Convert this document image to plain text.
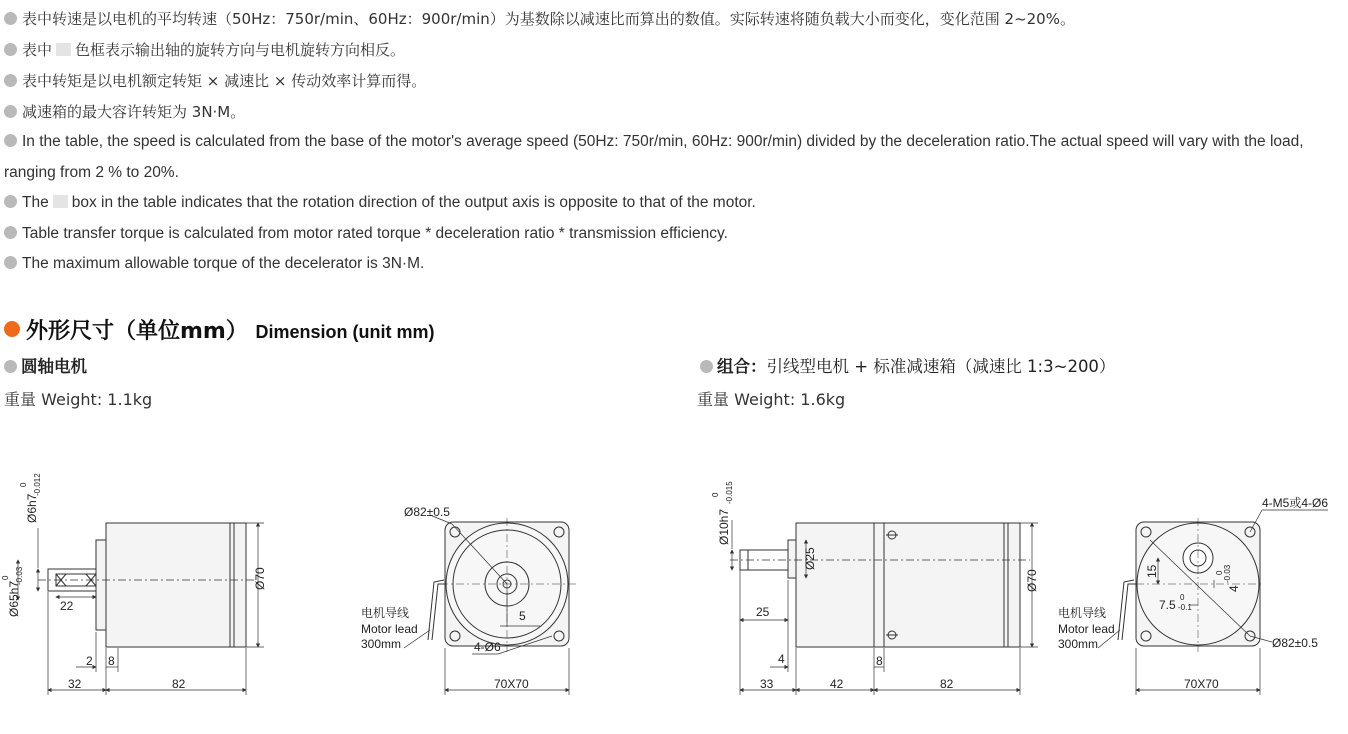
表中转速是以电机的平均转速（50Hz：750r/min、60Hz：900r/min）为基数除以减速比而算出的数值。实际转速将随负载大小而变化，变化范围 2~20%。
表中 色框表示输出轴的旋转方向与电机旋转方向相反。
表中转矩是以电机额定转矩 × 减速比 × 传动效率计算而得。
减速箱的最大容许转矩为 3N·M。
In the table, the speed is calculated from the base of the motor's average speed (50Hz: 750r/min, 60Hz: 900r/min) divided by the deceleration ratio.The actual speed will vary with the load,
ranging from 2 % to 20%.
The box in the table indicates that the rotation direction of the output axis is opposite to that of the motor.
Table transfer torque is calculated from motor rated torque * deceleration ratio * transmission efficiency.
The maximum allowable torque of the decelerator is 3N·M.
外形尺寸（单位mm） Dimension (unit mm)
圆轴电机
重量 Weight: 1.1kg
组合：引线型电机 + 标准减速箱（减速比 1:3~200）
重量 Weight: 1.6kg
Ø6h7
0 -0.012
Ø65h7
0 -0.03	Ø70
22
2 8
32	82
Ø82±0.5
电机导线
Motor lead
300mm	4-Ø6
5
70X70
Ø10h7
0 -0.015
Ø25
Ø70
25
4	8
33	42	82
4-M5或4-Ø6
15
4
0 -0.03
7.5
0
-0.1
电机导线
Motor lead
300mm	Ø82±0.5
70X70
